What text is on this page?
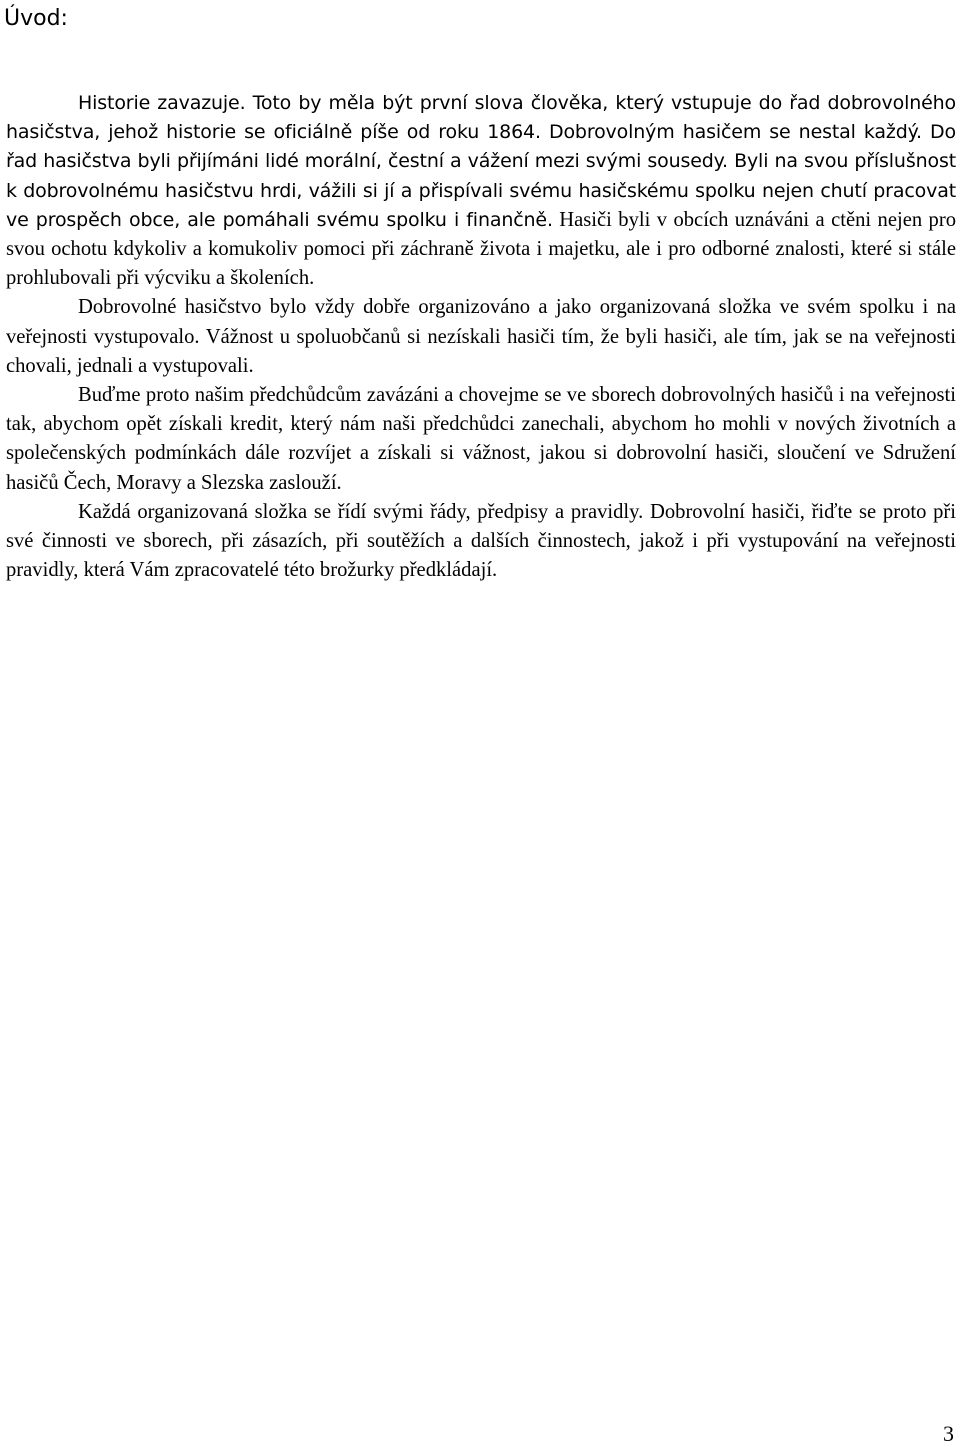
Úvod:

Historie zavazuje. Toto by měla být první slova člověka, který vstupuje do řad dobrovolného hasičstva, jehož historie se oficiálně píše od roku 1864. Dobrovolným hasičem se nestal každý. Do řad hasičstva byli přijímáni lidé morální, čestní a vážení mezi svými sousedy. Byli na svou příslušnost k dobrovolnému hasičstvu hrdi, vážili si jí a přispívali svému hasičskému spolku nejen chutí pracovat ve prospěch obce, ale pomáhali svému spolku i finančně. Hasiči byli v obcích uznáváni a ctěni nejen pro svou ochotu kdykoliv a komukoliv pomoci při záchraně života i majetku, ale i pro odborné znalosti, které si stále prohlubovali při výcviku a školeních.

Dobrovolné hasičstvo bylo vždy dobře organizováno a jako organizovaná složka ve svém spolku i na veřejnosti vystupovalo. Vážnost u spoluobčanů si nezískali hasiči tím, že byli hasiči, ale tím, jak se na veřejnosti chovali, jednali a vystupovali.

Buďme proto našim předchůdcům zavázáni a chovejme se ve sborech dobrovolných hasičů i na veřejnosti tak, abychom opět získali kredit, který nám naši předchůdci zanechali, abychom ho mohli v nových životních a společenských podmínkách dále rozvíjet a získali si vážnost, jakou si dobrovolní hasiči, sloučení ve Sdružení hasičů Čech, Moravy a Slezska zaslouží.

Každá organizovaná složka se řídí svými řády, předpisy a pravidly. Dobrovolní hasiči, řiďte se proto při své činnosti ve sborech, při zásazích, při soutěžích a dalších činnostech, jakož i při vystupování na veřejnosti pravidly, která Vám zpracovatelé této brožurky předkládají.

3
